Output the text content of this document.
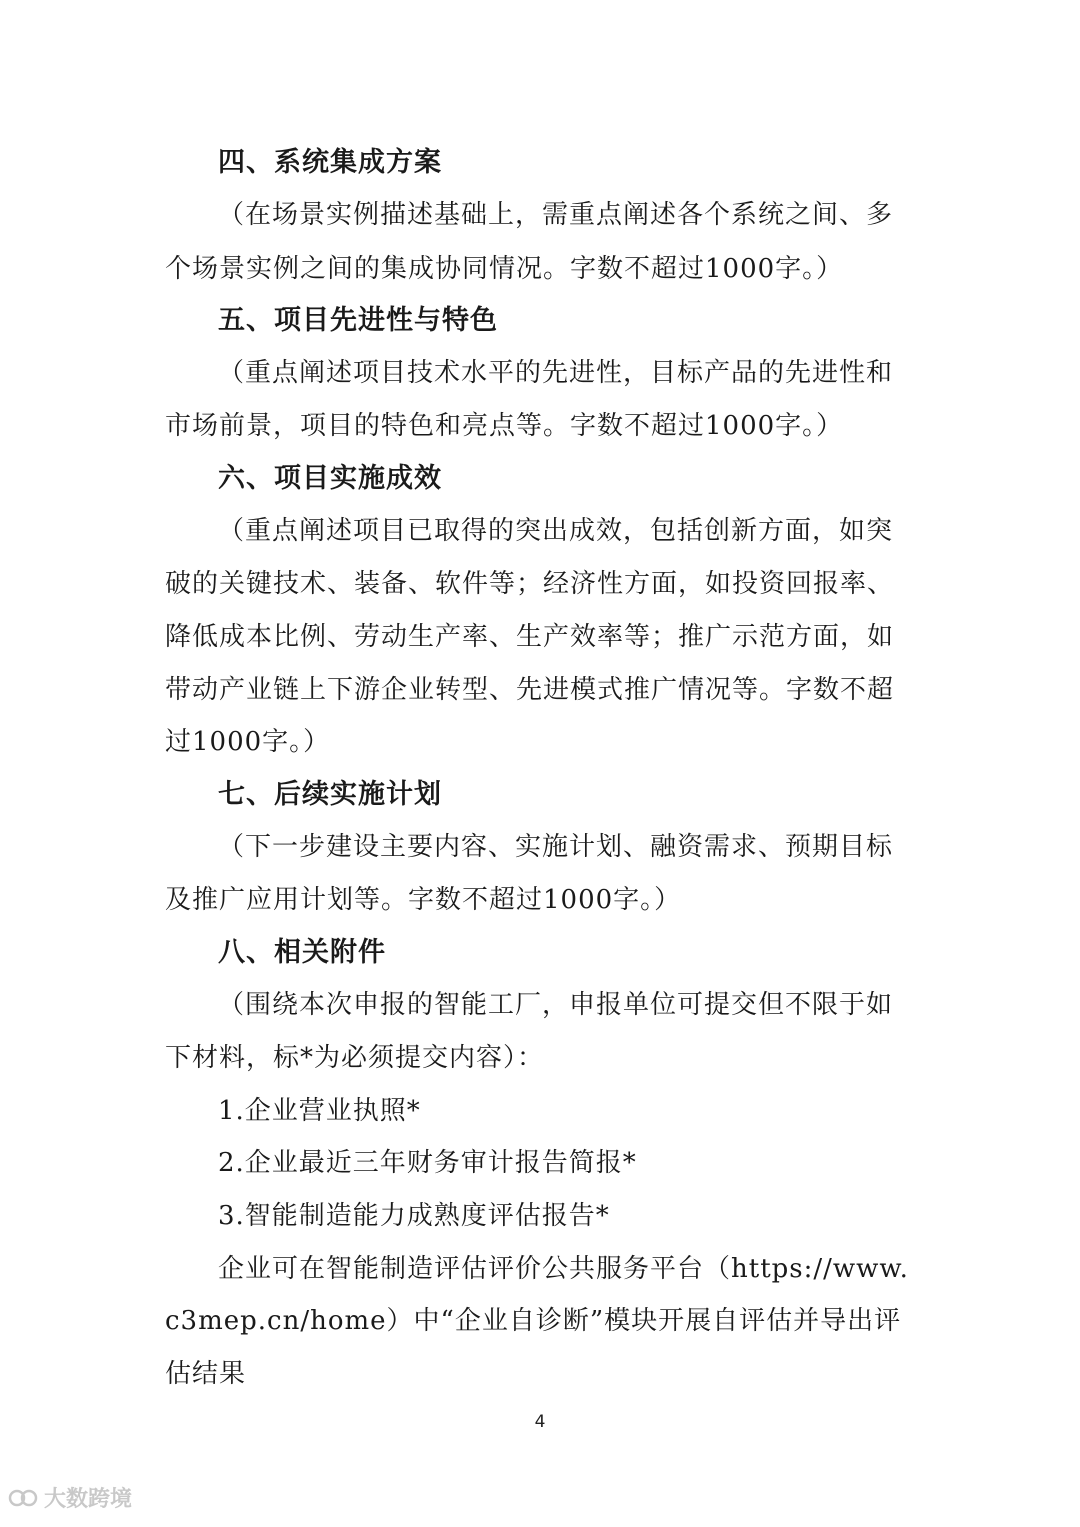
四、系统集成方案
（在场景实例描述基础上，需重点阐述各个系统之间、多
个场景实例之间的集成协同情况。字数不超过1000字。）
五、项目先进性与特色
（重点阐述项目技术水平的先进性，目标产品的先进性和
市场前景，项目的特色和亮点等。字数不超过1000字。）
六、项目实施成效
（重点阐述项目已取得的突出成效，包括创新方面，如突
破的关键技术、装备、软件等；经济性方面，如投资回报率、
降低成本比例、劳动生产率、生产效率等；推广示范方面，如
带动产业链上下游企业转型、先进模式推广情况等。字数不超
过1000字。）
七、后续实施计划
（下一步建设主要内容、实施计划、融资需求、预期目标
及推广应用计划等。字数不超过1000字。）
八、相关附件
（围绕本次申报的智能工厂，申报单位可提交但不限于如
下材料，标*为必须提交内容）：
1.企业营业执照*
2.企业最近三年财务审计报告简报*
3.智能制造能力成熟度评估报告*
企业可在智能制造评估评价公共服务平台（https://www.
c3mep.cn/home）中“企业自诊断”模块开展自评估并导出评
估结果
4
大数跨境
